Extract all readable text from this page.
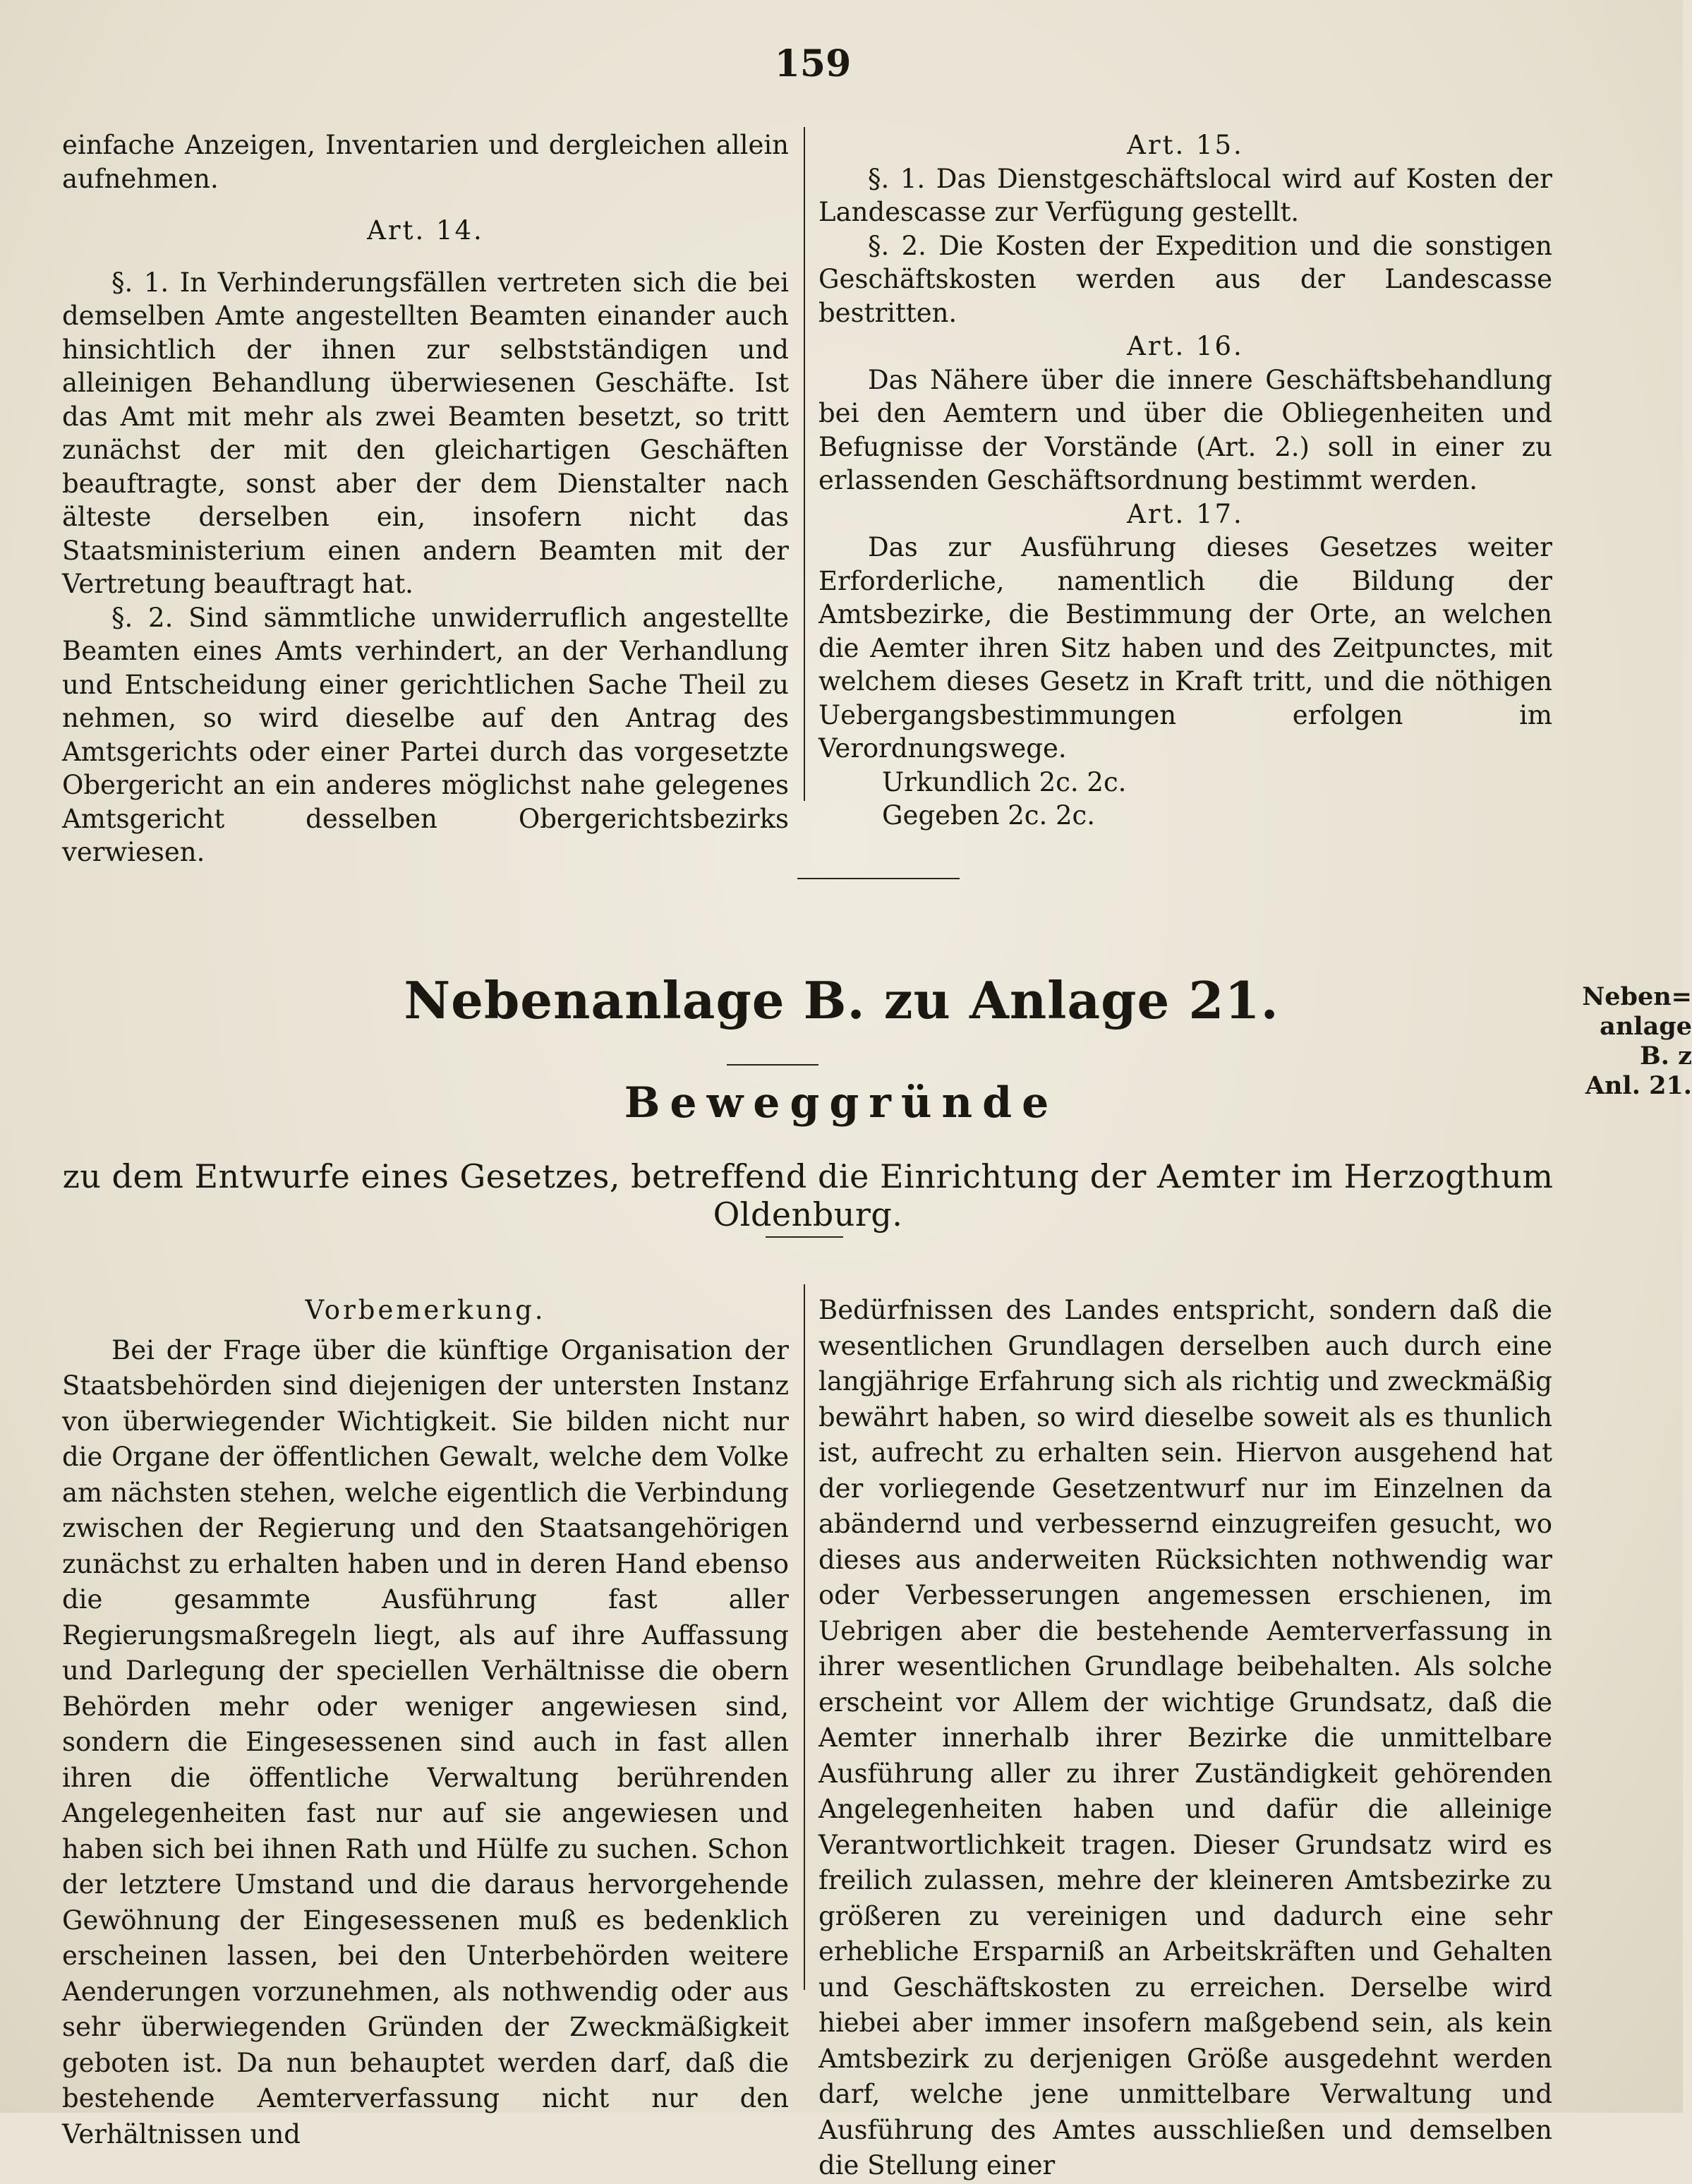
159

einfache Anzeigen, Inventarien und dergleichen allein aufnehmen.

Art. 14.

§. 1. In Verhinderungsfällen vertreten sich die bei demselben Amte angestellten Beamten einander auch hinsichtlich der ihnen zur selbstständigen und alleinigen Behandlung überwiesenen Geschäfte. Ist das Amt mit mehr als zwei Beamten besetzt, so tritt zunächst der mit den gleichartigen Geschäften beauftragte, sonst aber der dem Dienstalter nach älteste derselben ein, insofern nicht das Staatsministerium einen andern Beamten mit der Vertretung beauftragt hat.

§. 2. Sind sämmtliche unwiderruflich angestellte Beamten eines Amts verhindert, an der Verhandlung und Entscheidung einer gerichtlichen Sache Theil zu nehmen, so wird dieselbe auf den Antrag des Amtsgerichts oder einer Partei durch das vorgesetzte Obergericht an ein anderes möglichst nahe gelegenes Amtsgericht desselben Obergerichtsbezirks verwiesen.

Art. 15.

§. 1. Das Dienstgeschäftslocal wird auf Kosten der Landescasse zur Verfügung gestellt.

§. 2. Die Kosten der Expedition und die sonstigen Geschäftskosten werden aus der Landescasse bestritten.

Art. 16.

Das Nähere über die innere Geschäftsbehandlung bei den Aemtern und über die Obliegenheiten und Befugnisse der Vorstände (Art. 2.) soll in einer zu erlassenden Geschäftsordnung bestimmt werden.

Art. 17.

Das zur Ausführung dieses Gesetzes weiter Erforderliche, namentlich die Bildung der Amtsbezirke, die Bestimmung der Orte, an welchen die Aemter ihren Sitz haben und des Zeitpunctes, mit welchem dieses Gesetz in Kraft tritt, und die nöthigen Uebergangsbestimmungen erfolgen im Verordnungswege.

Urkundlich 2c. 2c.

Gegeben 2c. 2c.

Nebenanlage B. zu Anlage 21.	Neben=
anlage B. z
Anl. 21.
Beweggründe
zu dem Entwurfe eines Gesetzes, betreffend die Einrichtung der Aemter im Herzogthum Oldenburg.

Vorbemerkung.

Bei der Frage über die künftige Organisation der Staatsbehörden sind diejenigen der untersten Instanz von überwiegender Wichtigkeit. Sie bilden nicht nur die Organe der öffentlichen Gewalt, welche dem Volke am nächsten stehen, welche eigentlich die Verbindung zwischen der Regierung und den Staatsangehörigen zunächst zu erhalten haben und in deren Hand ebenso die gesammte Ausführung fast aller Regierungsmaßregeln liegt, als auf ihre Auffassung und Darlegung der speciellen Verhältnisse die obern Behörden mehr oder weniger angewiesen sind, sondern die Eingesessenen sind auch in fast allen ihren die öffentliche Verwaltung berührenden Angelegenheiten fast nur auf sie angewiesen und haben sich bei ihnen Rath und Hülfe zu suchen. Schon der letztere Umstand und die daraus hervorgehende Gewöhnung der Eingesessenen muß es bedenklich erscheinen lassen, bei den Unterbehörden weitere Aenderungen vorzunehmen, als nothwendig oder aus sehr überwiegenden Gründen der Zweckmäßigkeit geboten ist. Da nun behauptet werden darf, daß die bestehende Aemterverfassung nicht nur den Verhältnissen und

Bedürfnissen des Landes entspricht, sondern daß die wesentlichen Grundlagen derselben auch durch eine langjährige Erfahrung sich als richtig und zweckmäßig bewährt haben, so wird dieselbe soweit als es thunlich ist, aufrecht zu erhalten sein. Hiervon ausgehend hat der vorliegende Gesetzentwurf nur im Einzelnen da abändernd und verbessernd einzugreifen gesucht, wo dieses aus anderweiten Rücksichten nothwendig war oder Verbesserungen angemessen erschienen, im Uebrigen aber die bestehende Aemterverfassung in ihrer wesentlichen Grundlage beibehalten. Als solche erscheint vor Allem der wichtige Grundsatz, daß die Aemter innerhalb ihrer Bezirke die unmittelbare Ausführung aller zu ihrer Zuständigkeit gehörenden Angelegenheiten haben und dafür die alleinige Verantwortlichkeit tragen. Dieser Grundsatz wird es freilich zulassen, mehre der kleineren Amtsbezirke zu größeren zu vereinigen und dadurch eine sehr erhebliche Ersparniß an Arbeitskräften und Gehalten und Geschäftskosten zu erreichen. Derselbe wird hiebei aber immer insofern maßgebend sein, als kein Amtsbezirk zu derjenigen Größe ausgedehnt werden darf, welche jene unmittelbare Verwaltung und Ausführung des Amtes ausschließen und demselben die Stellung einer
